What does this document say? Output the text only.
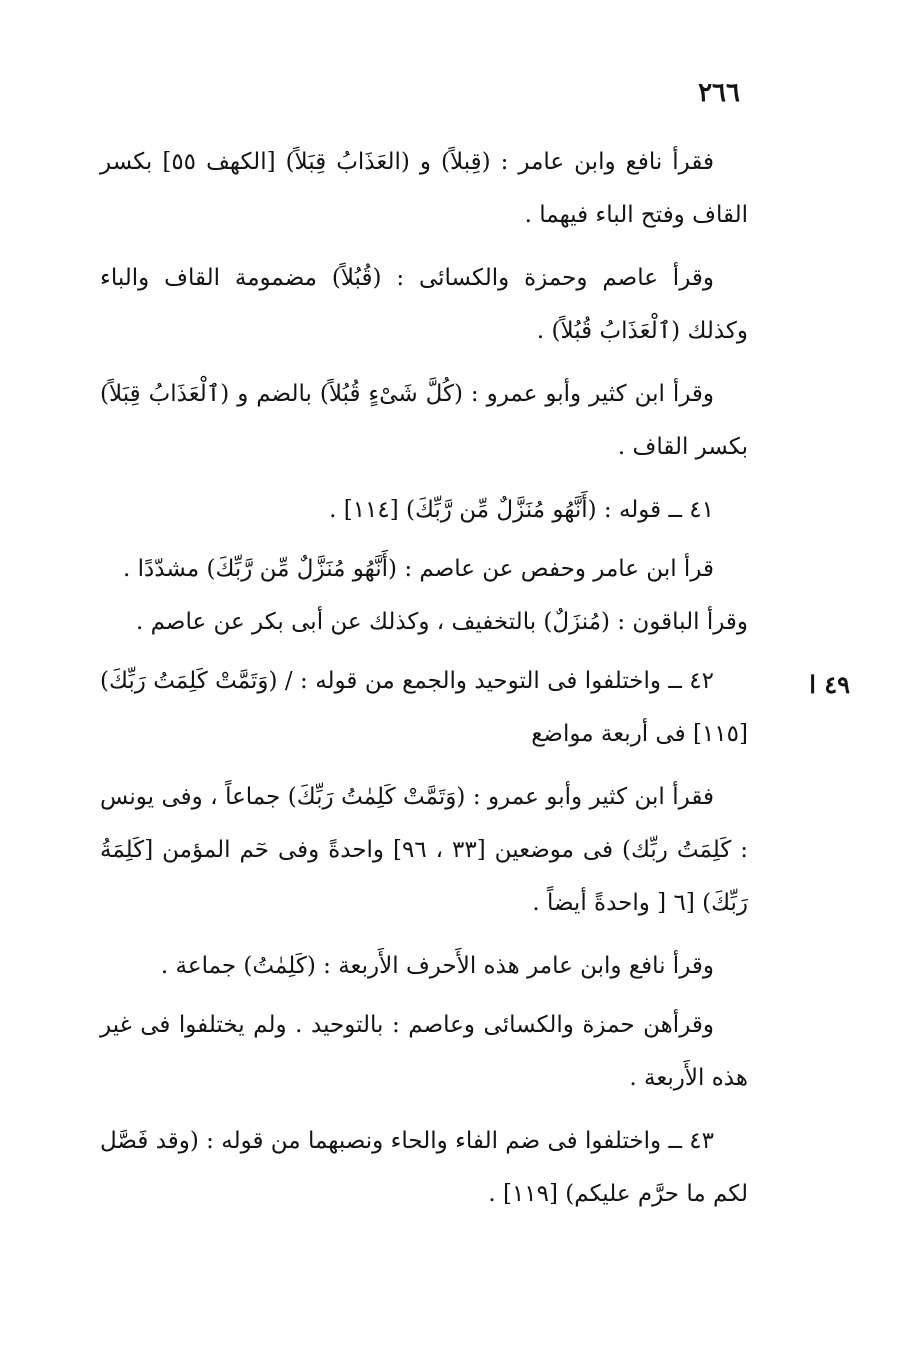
٢٦٦
٤٩ ا

فقرأ نافع وابن عامر : (قِبلاً) و (العَذَابُ قِبَلاً) [الكهف ٥٥] بكسر القاف وفتح الباء فيهما .

وقرأ عاصم وحمزة والكسائى : (قُبُلاً) مضمومة القاف والباء وكذلك (ٱلْعَذَابُ قُبُلاً) .

وقرأ ابن كثير وأبو عمرو : (كُلَّ شَىْءٍ قُبُلاً) بالضم و (ٱلْعَذَابُ قِبَلاً) بكسر القاف .

٤١ ــ قوله : (أَنَّهُو مُنَزَّلٌ مِّن رَّبِّكَ) [١١٤] .

قرأ ابن عامر وحفص عن عاصم : (أَنَّهُو مُنَزَّلٌ مِّن رَّبِّكَ) مشدّدًا .

وقرأ الباقون : (مُنزَلٌ) بالتخفيف ، وكذلك عن أبى بكر عن عاصم .

٤٢ ــ واختلفوا فى التوحيد والجمع من قوله : / (وَتَمَّتْ كَلِمَتُ رَبِّكَ) [١١٥] فى أربعة مواضع

فقرأ ابن كثير وأبو عمرو : (وَتَمَّتْ كَلِمٰتُ رَبِّكَ) جماعاً ، وفى يونس : كَلِمَتُ ربِّك) فى موضعين [٣٣ ، ٩٦] واحدةً وفى حٓم المؤمن [كَلِمَةُ رَبِّكَ) [٦ [ واحدةً أيضاً .

وقرأ نافع وابن عامر هذه الأَحرف الأَربعة : (كَلِمٰتُ) جماعة .

وقرأهن حمزة والكسائى وعاصم : بالتوحيد . ولم يختلفوا فى غير هذه الأَربعة .

٤٣ ــ واختلفوا فى ضم الفاء والحاء ونصبهما من قوله : (وقد فَصَّل لكم ما حرَّم عليكم) [١١٩] .
